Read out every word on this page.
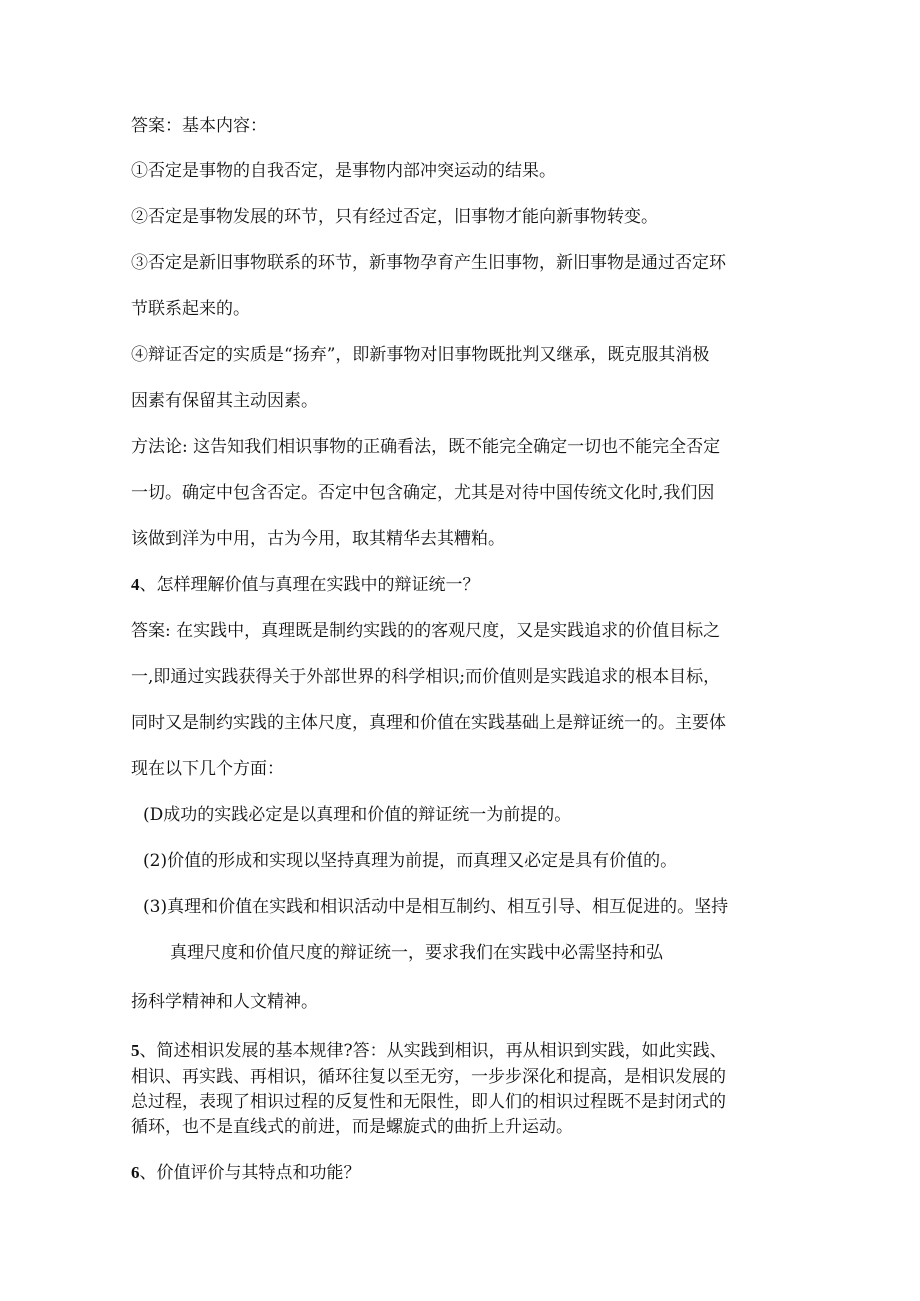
答案：基本内容：
①否定是事物的自我否定，是事物内部冲突运动的结果。
②否定是事物发展的环节，只有经过否定，旧事物才能向新事物转变。
③否定是新旧事物联系的环节，新事物孕育产生旧事物，新旧事物是通过否定环
节联系起来的。
④辩证否定的实质是“扬弃”，即新事物对旧事物既批判又继承，既克服其消极
因素有保留其主动因素。
方法论: 这告知我们相识事物的正确看法，既不能完全确定一切也不能完全否定
一切。确定中包含否定。否定中包含确定，尤其是对待中国传统文化时,我们因
该做到洋为中用，古为今用，取其精华去其糟粕。
4、怎样理解价值与真理在实践中的辩证统一？
答案: 在实践中，真理既是制约实践的的客观尺度，又是实践追求的价值目标之
一,即通过实践获得关于外部世界的科学相识;而价值则是实践追求的根本目标，
同时又是制约实践的主体尺度，真理和价值在实践基础上是辩证统一的。主要体
现在以下几个方面：
(D成功的实践必定是以真理和价值的辩证统一为前提的。
(2)价值的形成和实现以坚持真理为前提，而真理又必定是具有价值的。
(3)真理和价值在实践和相识活动中是相互制约、相互引导、相互促进的。坚持
真理尺度和价值尺度的辩证统一，要求我们在实践中必需坚持和弘
扬科学精神和人文精神。
5、简述相识发展的基本规律?答：从实践到相识，再从相识到实践，如此实践、
相识、再实践、再相识，循环往复以至无穷，一步步深化和提高，是相识发展的
总过程，表现了相识过程的反复性和无限性，即人们的相识过程既不是封闭式的
循环，也不是直线式的前进，而是螺旋式的曲折上升运动。
6、价值评价与其特点和功能？
